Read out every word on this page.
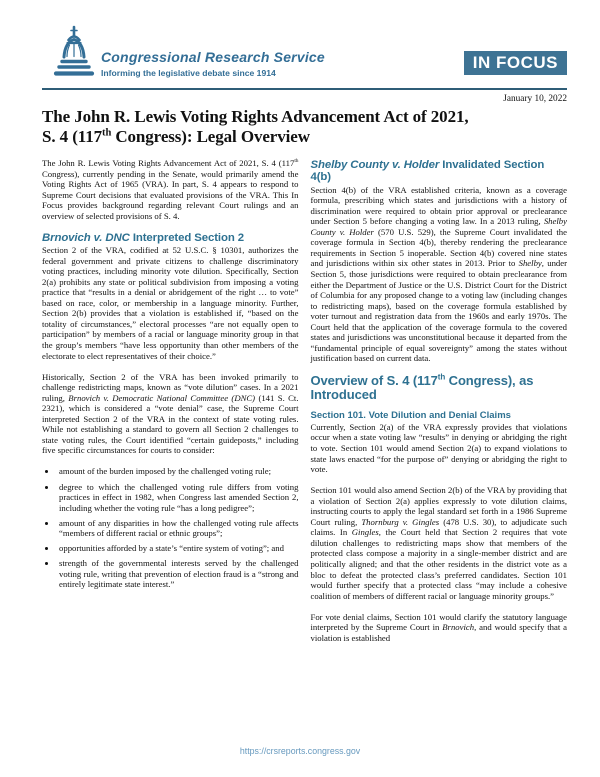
Congressional Research Service
Informing the legislative debate since 1914
IN FOCUS
January 10, 2022
The John R. Lewis Voting Rights Advancement Act of 2021,
S. 4 (117th Congress): Legal Overview

The John R. Lewis Voting Rights Advancement Act of 2021, S. 4 (117th Congress), currently pending in the Senate, would primarily amend the Voting Rights Act of 1965 (VRA). In part, S. 4 appears to respond to Supreme Court decisions that evaluated provisions of the VRA. This In Focus provides background regarding relevant Court rulings and an overview of selected provisions of S. 4.

Brnovich v. DNC Interpreted Section 2

Section 2 of the VRA, codified at 52 U.S.C. § 10301, authorizes the federal government and private citizens to challenge discriminatory voting practices, including minority vote dilution. Specifically, Section 2(a) prohibits any state or political subdivision from imposing a voting practice that “results in a denial or abridgement of the right … to vote” based on race, color, or membership in a language minority. Further, Section 2(b) provides that a violation is established if, “based on the totality of circumstances,” electoral processes “are not equally open to participation” by members of a racial or language minority group in that the group’s members “have less opportunity than other members of the electorate to elect representatives of their choice.”

Historically, Section 2 of the VRA has been invoked primarily to challenge redistricting maps, known as “vote dilution” cases. In a 2021 ruling, Brnovich v. Democratic National Committee (DNC) (141 S. Ct. 2321), which is considered a “vote denial” case, the Supreme Court interpreted Section 2 of the VRA in the context of state voting rules. While not establishing a standard to govern all Section 2 challenges to state voting rules, the Court identified “certain guideposts,” including five specific circumstances for courts to consider:

• amount of the burden imposed by the challenged voting rule;
• degree to which the challenged voting rule differs from voting practices in effect in 1982, when Congress last amended Section 2, including whether the voting rule “has a long pedigree”;
• amount of any disparities in how the challenged voting rule affects “members of different racial or ethnic groups”;
• opportunities afforded by a state’s “entire system of voting”; and
• strength of the governmental interests served by the challenged voting rule, writing that prevention of election fraud is a “strong and entirely legitimate state interest.”
Shelby County v. Holder Invalidated Section 4(b)

Section 4(b) of the VRA established criteria, known as a coverage formula, prescribing which states and jurisdictions with a history of discrimination were required to obtain prior approval or preclearance under Section 5 before changing a voting law. In a 2013 ruling, Shelby County v. Holder (570 U.S. 529), the Supreme Court invalidated the coverage formula in Section 4(b), thereby rendering the preclearance requirements in Section 5 inoperable. Section 4(b) covered nine states and jurisdictions within six other states in 2013. Prior to Shelby, under Section 5, those jurisdictions were required to obtain preclearance from either the Department of Justice or the U.S. District Court for the District of Columbia for any proposed change to a voting law (including changes to redistricting maps), based on the coverage formula established by voter turnout and registration data from the 1960s and early 1970s. The Court held that the application of the coverage formula to the covered states and jurisdictions was unconstitutional because it departed from the “fundamental principle of equal sovereignty” among the states without justification based on current data.

Overview of S. 4 (117th Congress), as Introduced
Section 101. Vote Dilution and Denial Claims

Currently, Section 2(a) of the VRA expressly provides that violations occur when a state voting law “results” in denying or abridging the right to vote. Section 101 would amend Section 2(a) to expand violations to state laws enacted “for the purpose of” denying or abridging the right to vote.

Section 101 would also amend Section 2(b) of the VRA by providing that a violation of Section 2(a) applies expressly to vote dilution claims, instructing courts to apply the legal standard set forth in a 1986 Supreme Court ruling, Thornburg v. Gingles (478 U.S. 30), to adjudicate such claims. In Gingles, the Court held that Section 2 requires that vote dilution challenges to redistricting maps show that members of the protected class compose a majority in a single-member district and are politically aligned; and that the other residents in the district vote as a bloc to defeat the protected class’s preferred candidates. Section 101 would further specify that a protected class “may include a cohesive coalition of members of different racial or language minority groups.”

For vote denial claims, Section 101 would clarify the statutory language interpreted by the Supreme Court in Brnovich, and would specify that a violation is established

https://crsreports.congress.gov
